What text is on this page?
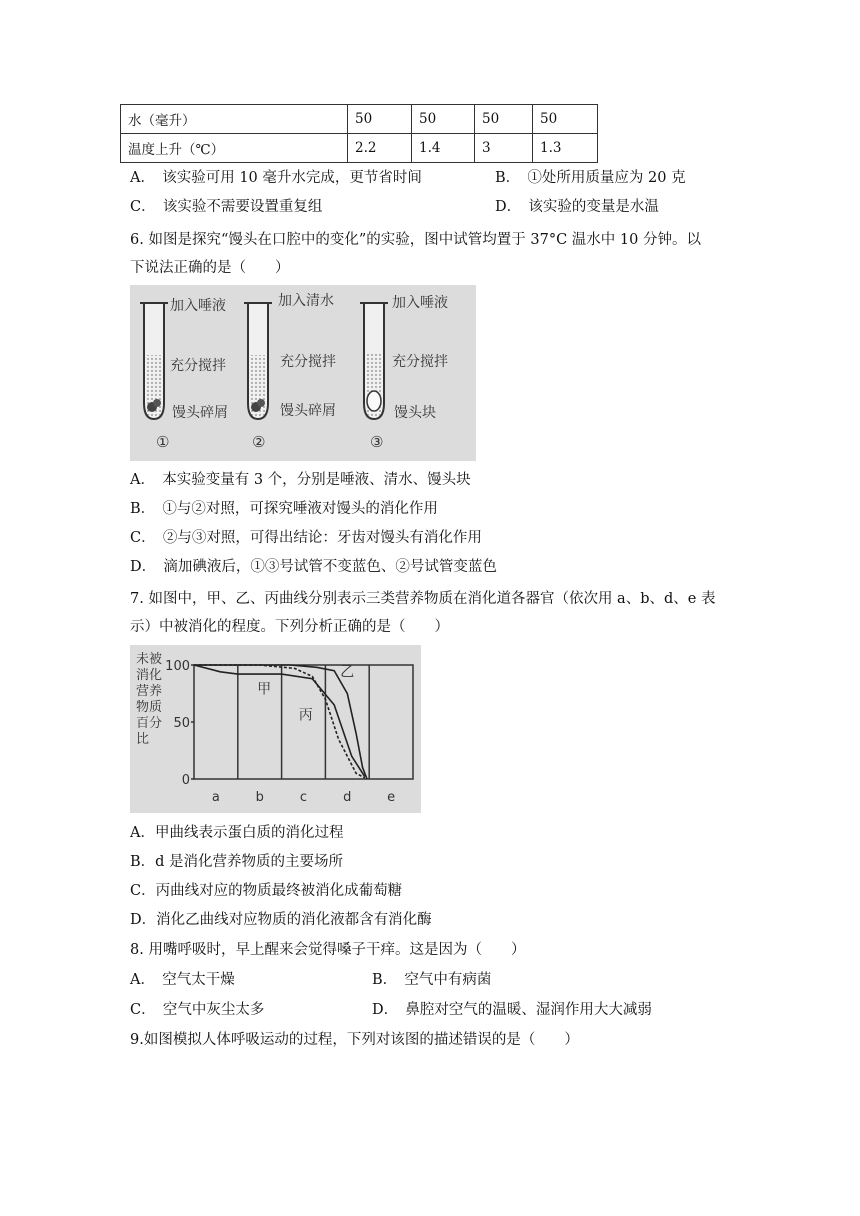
水（毫升）	50	50	50	50
温度上升（℃）	2.2	1.4	3	1.3
A．　该实验可用 10 毫升水完成，更节省时间	B．　①处所用质量应为 20 克
C．　该实验不需要设置重复组	D．　该实验的变量是水温
6. 如图是探究“馒头在口腔中的变化”的实验，图中试管均置于 37°C 温水中 10 分钟。以
下说法正确的是（　　）
加入唾液
充分搅拌
馒头碎屑
①
加入清水
充分搅拌
馒头碎屑
②
加入唾液
充分搅拌
馒头块
③
A．　本实验变量有 3 个，分别是唾液、清水、馒头块
B．　①与②对照，可探究唾液对馒头的消化作用
C．　②与③对照，可得出结论：牙齿对馒头有消化作用
D．　滴加碘液后，①③号试管不变蓝色、②号试管变蓝色
7. 如图中，甲、乙、丙曲线分别表示三类营养物质在消化道各器官（依次用 a、b、d、e 表
示）中被消化的程度。下列分析正确的是（　　）
未被
消化
营养
物质
百分
比
100
50
0
a	b	c	d	e
甲
丙
乙
A．甲曲线表示蛋白质的消化过程
B．d 是消化营养物质的主要场所
C．丙曲线对应的物质最终被消化成葡萄糖
D．消化乙曲线对应物质的消化液都含有消化酶
8. 用嘴呼吸时，早上醒来会觉得嗓子干痒。这是因为（　　）
A．　空气太干燥	B．　空气中有病菌
C．　空气中灰尘太多	D．　鼻腔对空气的温暖、湿润作用大大减弱
9.如图模拟人体呼吸运动的过程，下列对该图的描述错误的是（　　）
